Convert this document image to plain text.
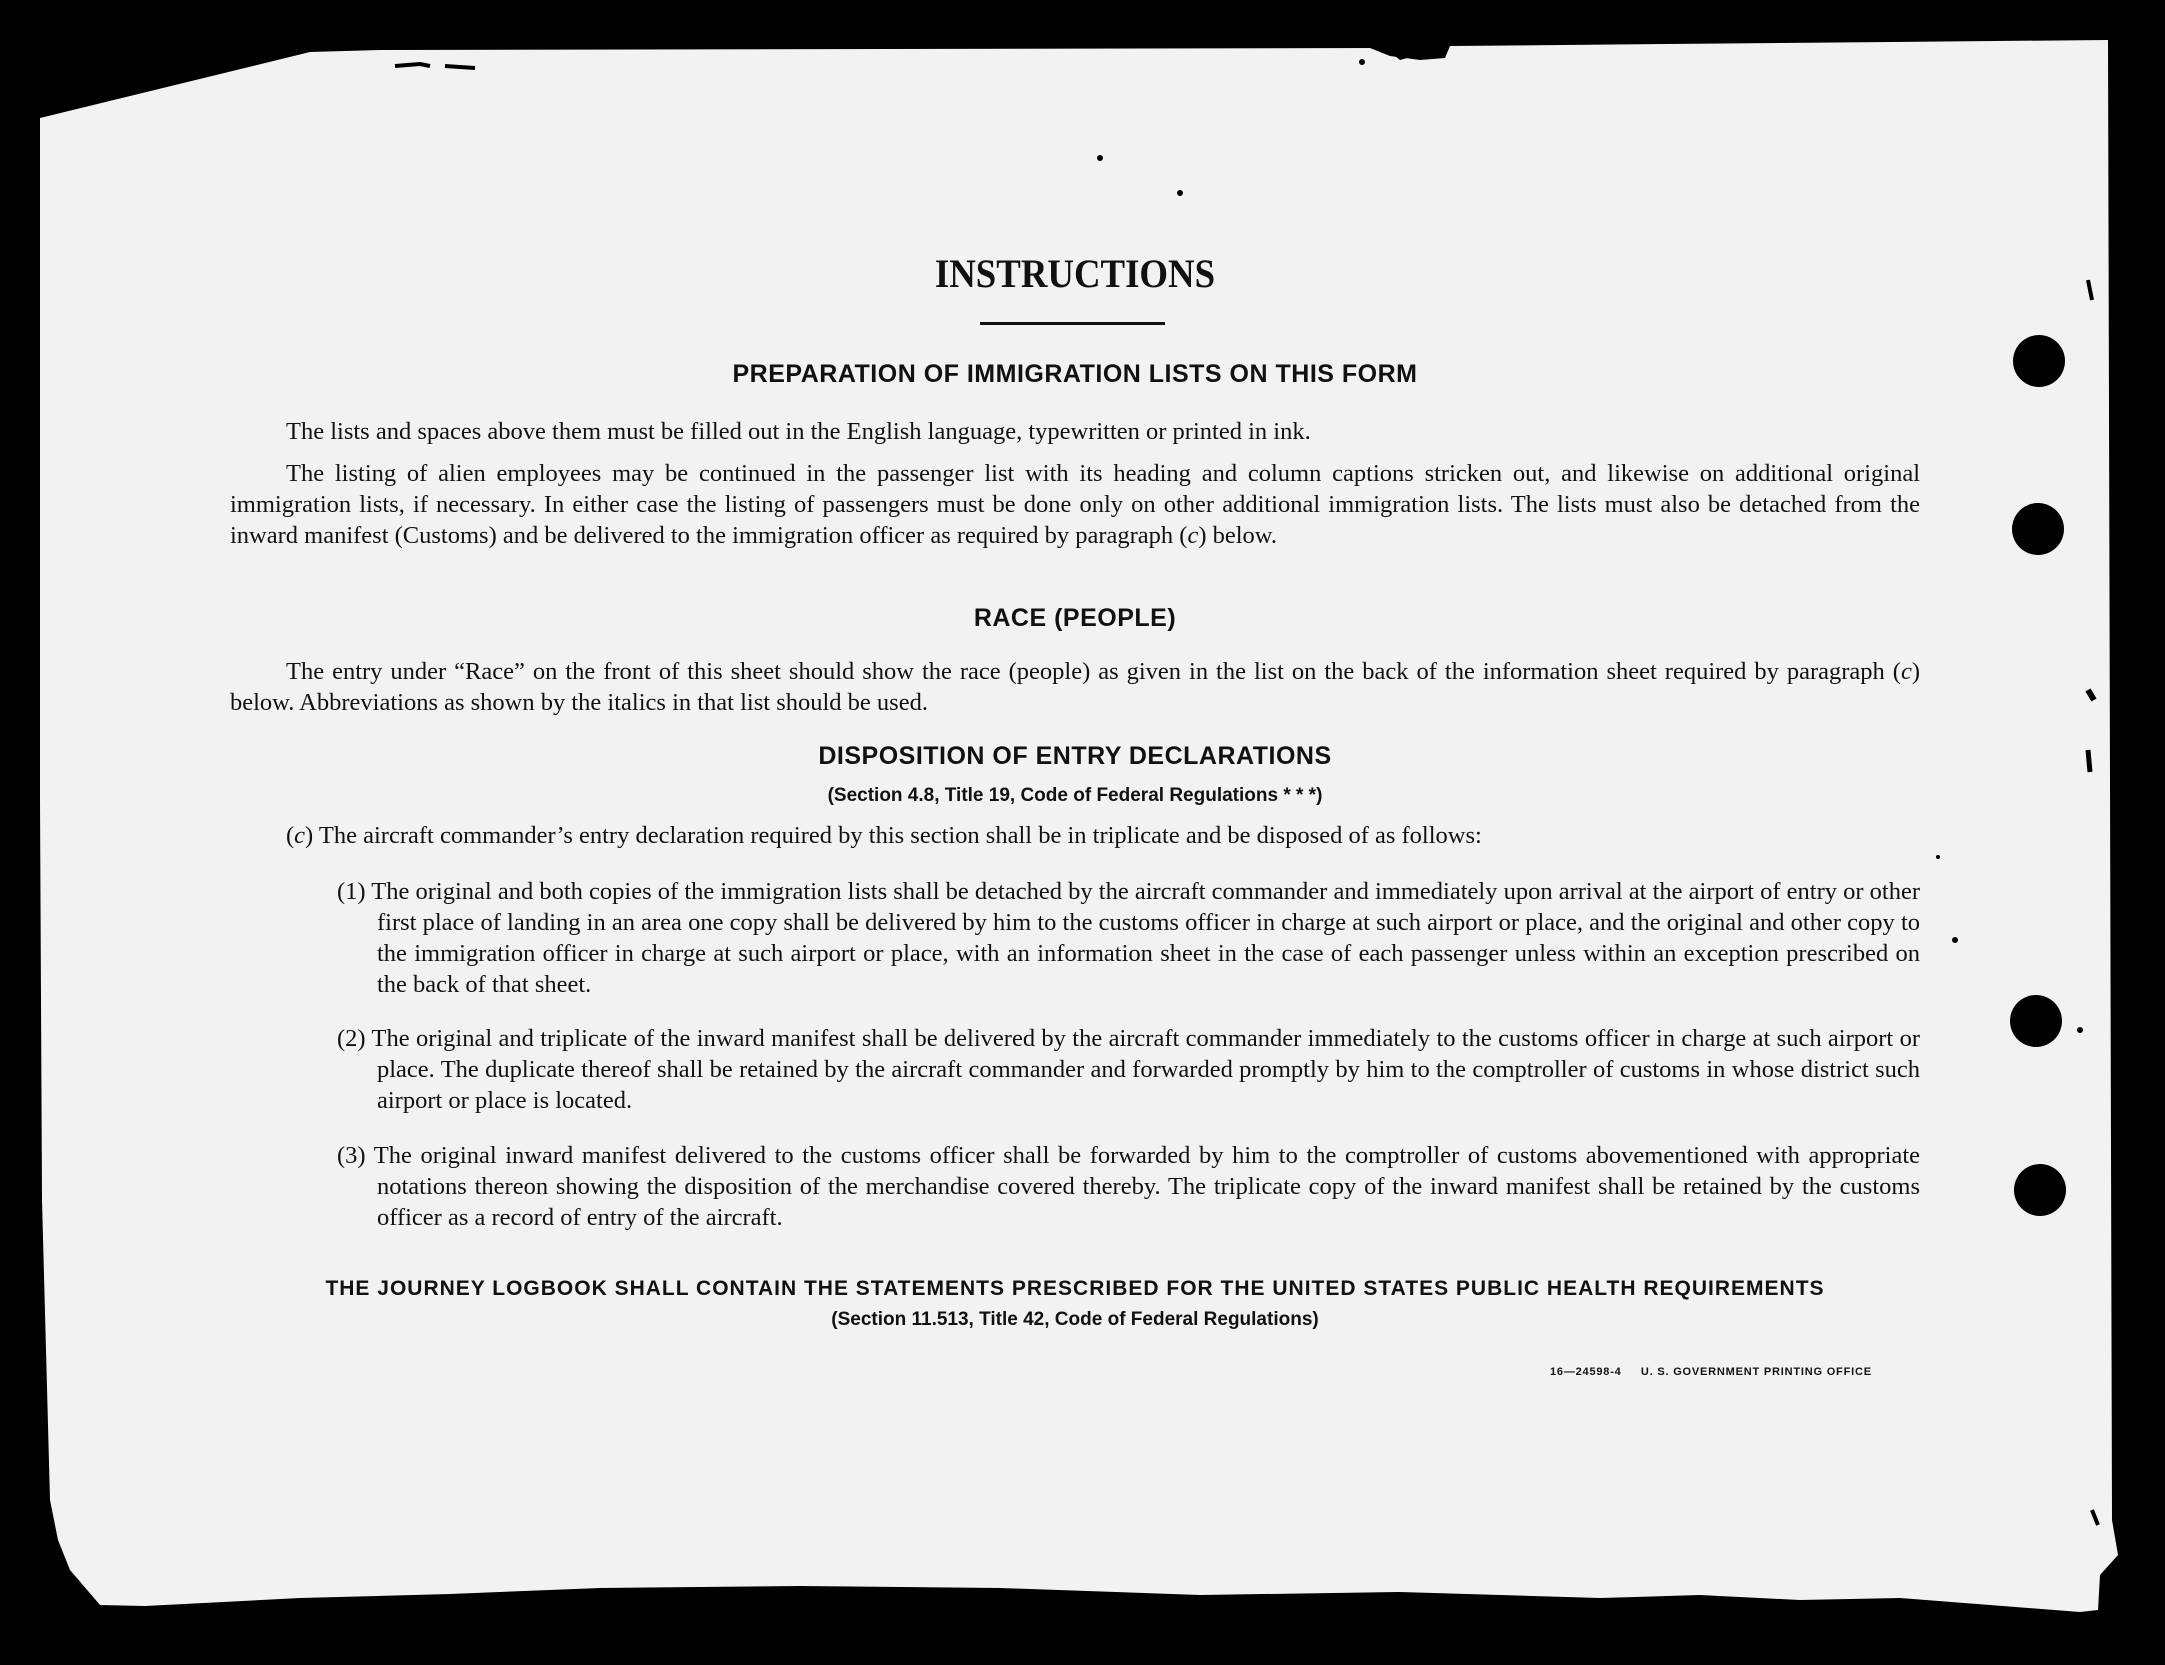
INSTRUCTIONS
PREPARATION OF IMMIGRATION LISTS ON THIS FORM
The lists and spaces above them must be filled out in the English language, typewritten or printed in ink.
The listing of alien employees may be continued in the passenger list with its heading and column captions stricken out, and likewise on additional original immigration lists, if necessary. In either case the listing of passengers must be done only on other additional immigration lists. The lists must also be detached from the inward manifest (Customs) and be delivered to the immigration officer as required by paragraph (c) below.
RACE (PEOPLE)
The entry under “Race” on the front of this sheet should show the race (people) as given in the list on the back of the information sheet required by paragraph (c) below. Abbreviations as shown by the italics in that list should be used.
DISPOSITION OF ENTRY DECLARATIONS
(Section 4.8, Title 19, Code of Federal Regulations * * *)
(c) The aircraft commander’s entry declaration required by this section shall be in triplicate and be disposed of as follows:
(1) The original and both copies of the immigration lists shall be detached by the aircraft commander and immediately upon arrival at the airport of entry or other first place of landing in an area one copy shall be delivered by him to the customs officer in charge at such airport or place, and the original and other copy to the immigration officer in charge at such airport or place, with an information sheet in the case of each passenger unless within an exception prescribed on the back of that sheet.
(2) The original and triplicate of the inward manifest shall be delivered by the aircraft commander immediately to the customs officer in charge at such airport or place. The duplicate thereof shall be retained by the aircraft commander and forwarded promptly by him to the comptroller of customs in whose district such airport or place is located.
(3) The original inward manifest delivered to the customs officer shall be forwarded by him to the comptroller of customs abovementioned with appropriate notations thereon showing the disposition of the merchandise covered thereby. The triplicate copy of the inward manifest shall be retained by the customs officer as a record of entry of the aircraft.
THE JOURNEY LOGBOOK SHALL CONTAIN THE STATEMENTS PRESCRIBED FOR THE UNITED STATES PUBLIC HEALTH REQUIREMENTS
(Section 11.513, Title 42, Code of Federal Regulations)
16—24598-4 U. S. GOVERNMENT PRINTING OFFICE
